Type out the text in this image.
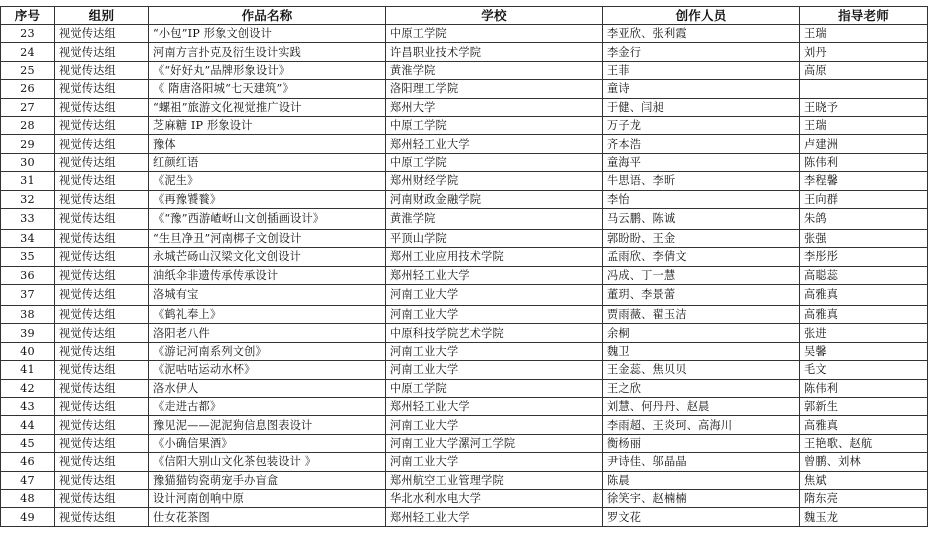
序号	组别	作品名称	学校	创作人员	指导老师
23	视觉传达组	“小包”IP 形象文创设计	中原工学院	李亚欣、张利霞	王瑞
24	视觉传达组	河南方言扑克及衍生设计实践	许昌职业技术学院	李金行	刘丹
25	视觉传达组	《“好好丸”品牌形象设计》	黄淮学院	王菲	高原
26	视觉传达组	《 隋唐洛阳城“七天建筑”》	洛阳理工学院	童诗	
27	视觉传达组	“螺祖”旅游文化视觉推广设计	郑州大学	于健、闫昶	王晓予
28	视觉传达组	芝麻糖 IP 形象设计	中原工学院	万子龙	王瑞
29	视觉传达组	豫体	郑州轻工业大学	齐本浩	卢建洲
30	视觉传达组	红颜红语	中原工学院	童海平	陈伟利
31	视觉传达组	《泥生》	郑州财经学院	牛思语、李昕	李程馨
32	视觉传达组	《再豫饕餮》	河南财政金融学院	李怡	王向群
33	视觉传达组	《“豫”西游嵖岈山文创插画设计》	黄淮学院	马云鹏、陈诚	朱鸽
34	视觉传达组	“生旦净丑”河南梆子文创设计	平顶山学院	郭盼盼、王金	张强
35	视觉传达组	永城芒砀山汉梁文化文创设计	郑州工业应用技术学院	孟雨欣、李倩文	李彤彤
36	视觉传达组	油纸伞非遗传承传承设计	郑州轻工业大学	冯成、丁一慧	高聪蕊
37	视觉传达组	洛城有宝	河南工业大学	董玥、李景蕾	高雅真
38	视觉传达组	《鹤礼奉上》	河南工业大学	贾雨薇、翟玉洁	高雅真
39	视觉传达组	洛阳老八件	中原科技学院艺术学院	余桐	张进
40	视觉传达组	《游记河南系列文创》	河南工业大学	魏卫	吴馨
41	视觉传达组	《泥咕咕运动水杯》	河南工业大学	王金蕊、焦贝贝	毛文
42	视觉传达组	洛水伊人	中原工学院	王之欣	陈伟利
43	视觉传达组	《走进古都》	郑州轻工业大学	刘慧、何丹丹、赵晨	郭新生
44	视觉传达组	豫见泥——泥泥狗信息图表设计	河南工业大学	李雨超、王炎珂、高海川	高雅真
45	视觉传达组	《小确信果酒》	河南工业大学漯河工学院	衡杨丽	王艳歌、赵航
46	视觉传达组	《信阳大别山文化茶包装设计 》	河南工业大学	尹诗佳、邬晶晶	曾鹏、刘林
47	视觉传达组	豫猫猫钧瓷萌宠手办盲盒	郑州航空工业管理学院	陈晨	焦斌
48	视觉传达组	设计河南创响中原	华北水利水电大学	徐笑宇、赵楠楠	隋东亮
49	视觉传达组	仕女花茶图	郑州轻工业大学	罗文花	魏玉龙
